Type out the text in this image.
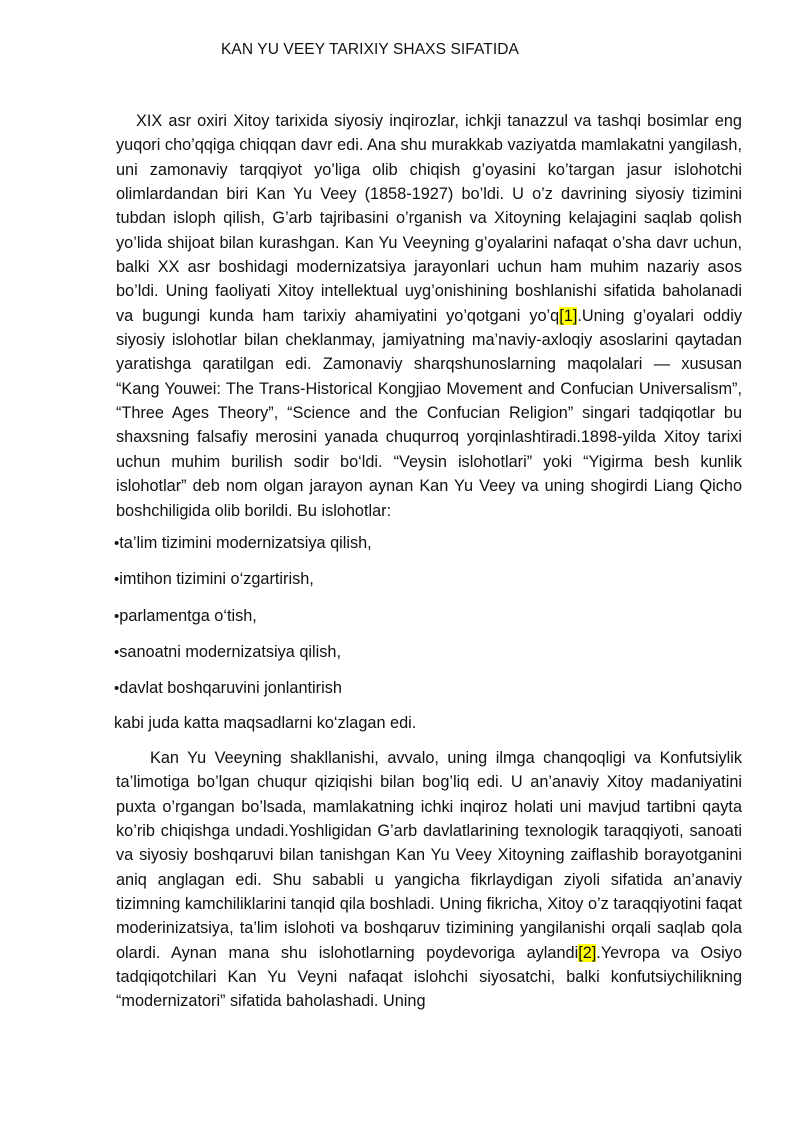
KAN YU VEEY TARIXIY SHAXS SIFATIDA

XIX asr oxiri Xitoy tarixida siyosiy inqirozlar, ichkji tanazzul va tashqi bosimlar eng yuqori cho’qqiga chiqqan davr edi. Ana shu murakkab vaziyatda mamlakatni yangilash, uni zamonaviy tarqqiyot yo’liga olib chiqish g’oyasini ko’targan jasur islohotchi olimlardandan biri Kan Yu Veey (1858-1927) bo’ldi. U o’z davrining siyosiy tizimini tubdan isloph qilish, G’arb tajribasini o’rganish va Xitoyning kelajagini saqlab qolish yo’lida shijoat bilan kurashgan. Kan Yu Veeyning g’oyalarini nafaqat o’sha davr uchun, balki XX asr boshidagi modernizatsiya jarayonlari uchun ham muhim nazariy asos bo’ldi. Uning faoliyati Xitoy intellektual uyg’onishining boshlanishi sifatida baholanadi va bugungi kunda ham tarixiy ahamiyatini yo’qotgani yo’q[1].Uning g’oyalari oddiy siyosiy islohotlar bilan cheklanmay, jamiyatning ma’naviy-axloqiy asoslarini qaytadan yaratishga qaratilgan edi. Zamonaviy sharqshunoslarning maqolalari — xususan “Kang Youwei: The Trans-Historical Kongjiao Movement and Confucian Universalism”, “Three Ages Theory”, “Science and the Confucian Religion” singari tadqiqotlar bu shaxsning falsafiy merosini yanada chuqurroq yorqinlashtiradi.1898-yilda Xitoy tarixi uchun muhim burilish sodir bo‘ldi. “Veysin islohotlari” yoki “Yigirma besh kunlik islohotlar” deb nom olgan jarayon aynan Kan Yu Veey va uning shogirdi Liang Qicho boshchiligida olib borildi. Bu islohotlar:

•ta’lim tizimini modernizatsiya qilish,

•imtihon tizimini o‘zgartirish,

•parlamentga o‘tish,

•sanoatni modernizatsiya qilish,

•davlat boshqaruvini jonlantirish

kabi juda katta maqsadlarni ko‘zlagan edi.

Kan Yu Veeyning shakllanishi, avvalo, uning ilmga chanqoqligi va Konfutsiylik ta’limotiga bo’lgan chuqur qiziqishi bilan bog’liq edi. U an’anaviy Xitoy madaniyatini puxta o’rgangan bo’lsada, mamlakatning ichki inqiroz holati uni mavjud tartibni qayta ko’rib chiqishga undadi.Yoshligidan G’arb davlatlarining texnologik taraqqiyoti, sanoati va siyosiy boshqaruvi bilan tanishgan Kan Yu Veey Xitoyning zaiflashib borayotganini aniq anglagan edi. Shu sababli u yangicha fikrlaydigan ziyoli sifatida an’anaviy tizimning kamchiliklarini tanqid qila boshladi. Uning fikricha, Xitoy o’z taraqqiyotini faqat moderinizatsiya, ta’lim islohoti va boshqaruv tizimining yangilanishi orqali saqlab qola olardi. Aynan mana shu islohotlarning poydevoriga aylandi[2].Yevropa va Osiyo tadqiqotchilari Kan Yu Veyni nafaqat islohchi siyosatchi, balki konfutsiychilikning “modernizatori” sifatida baholashadi. Uning
